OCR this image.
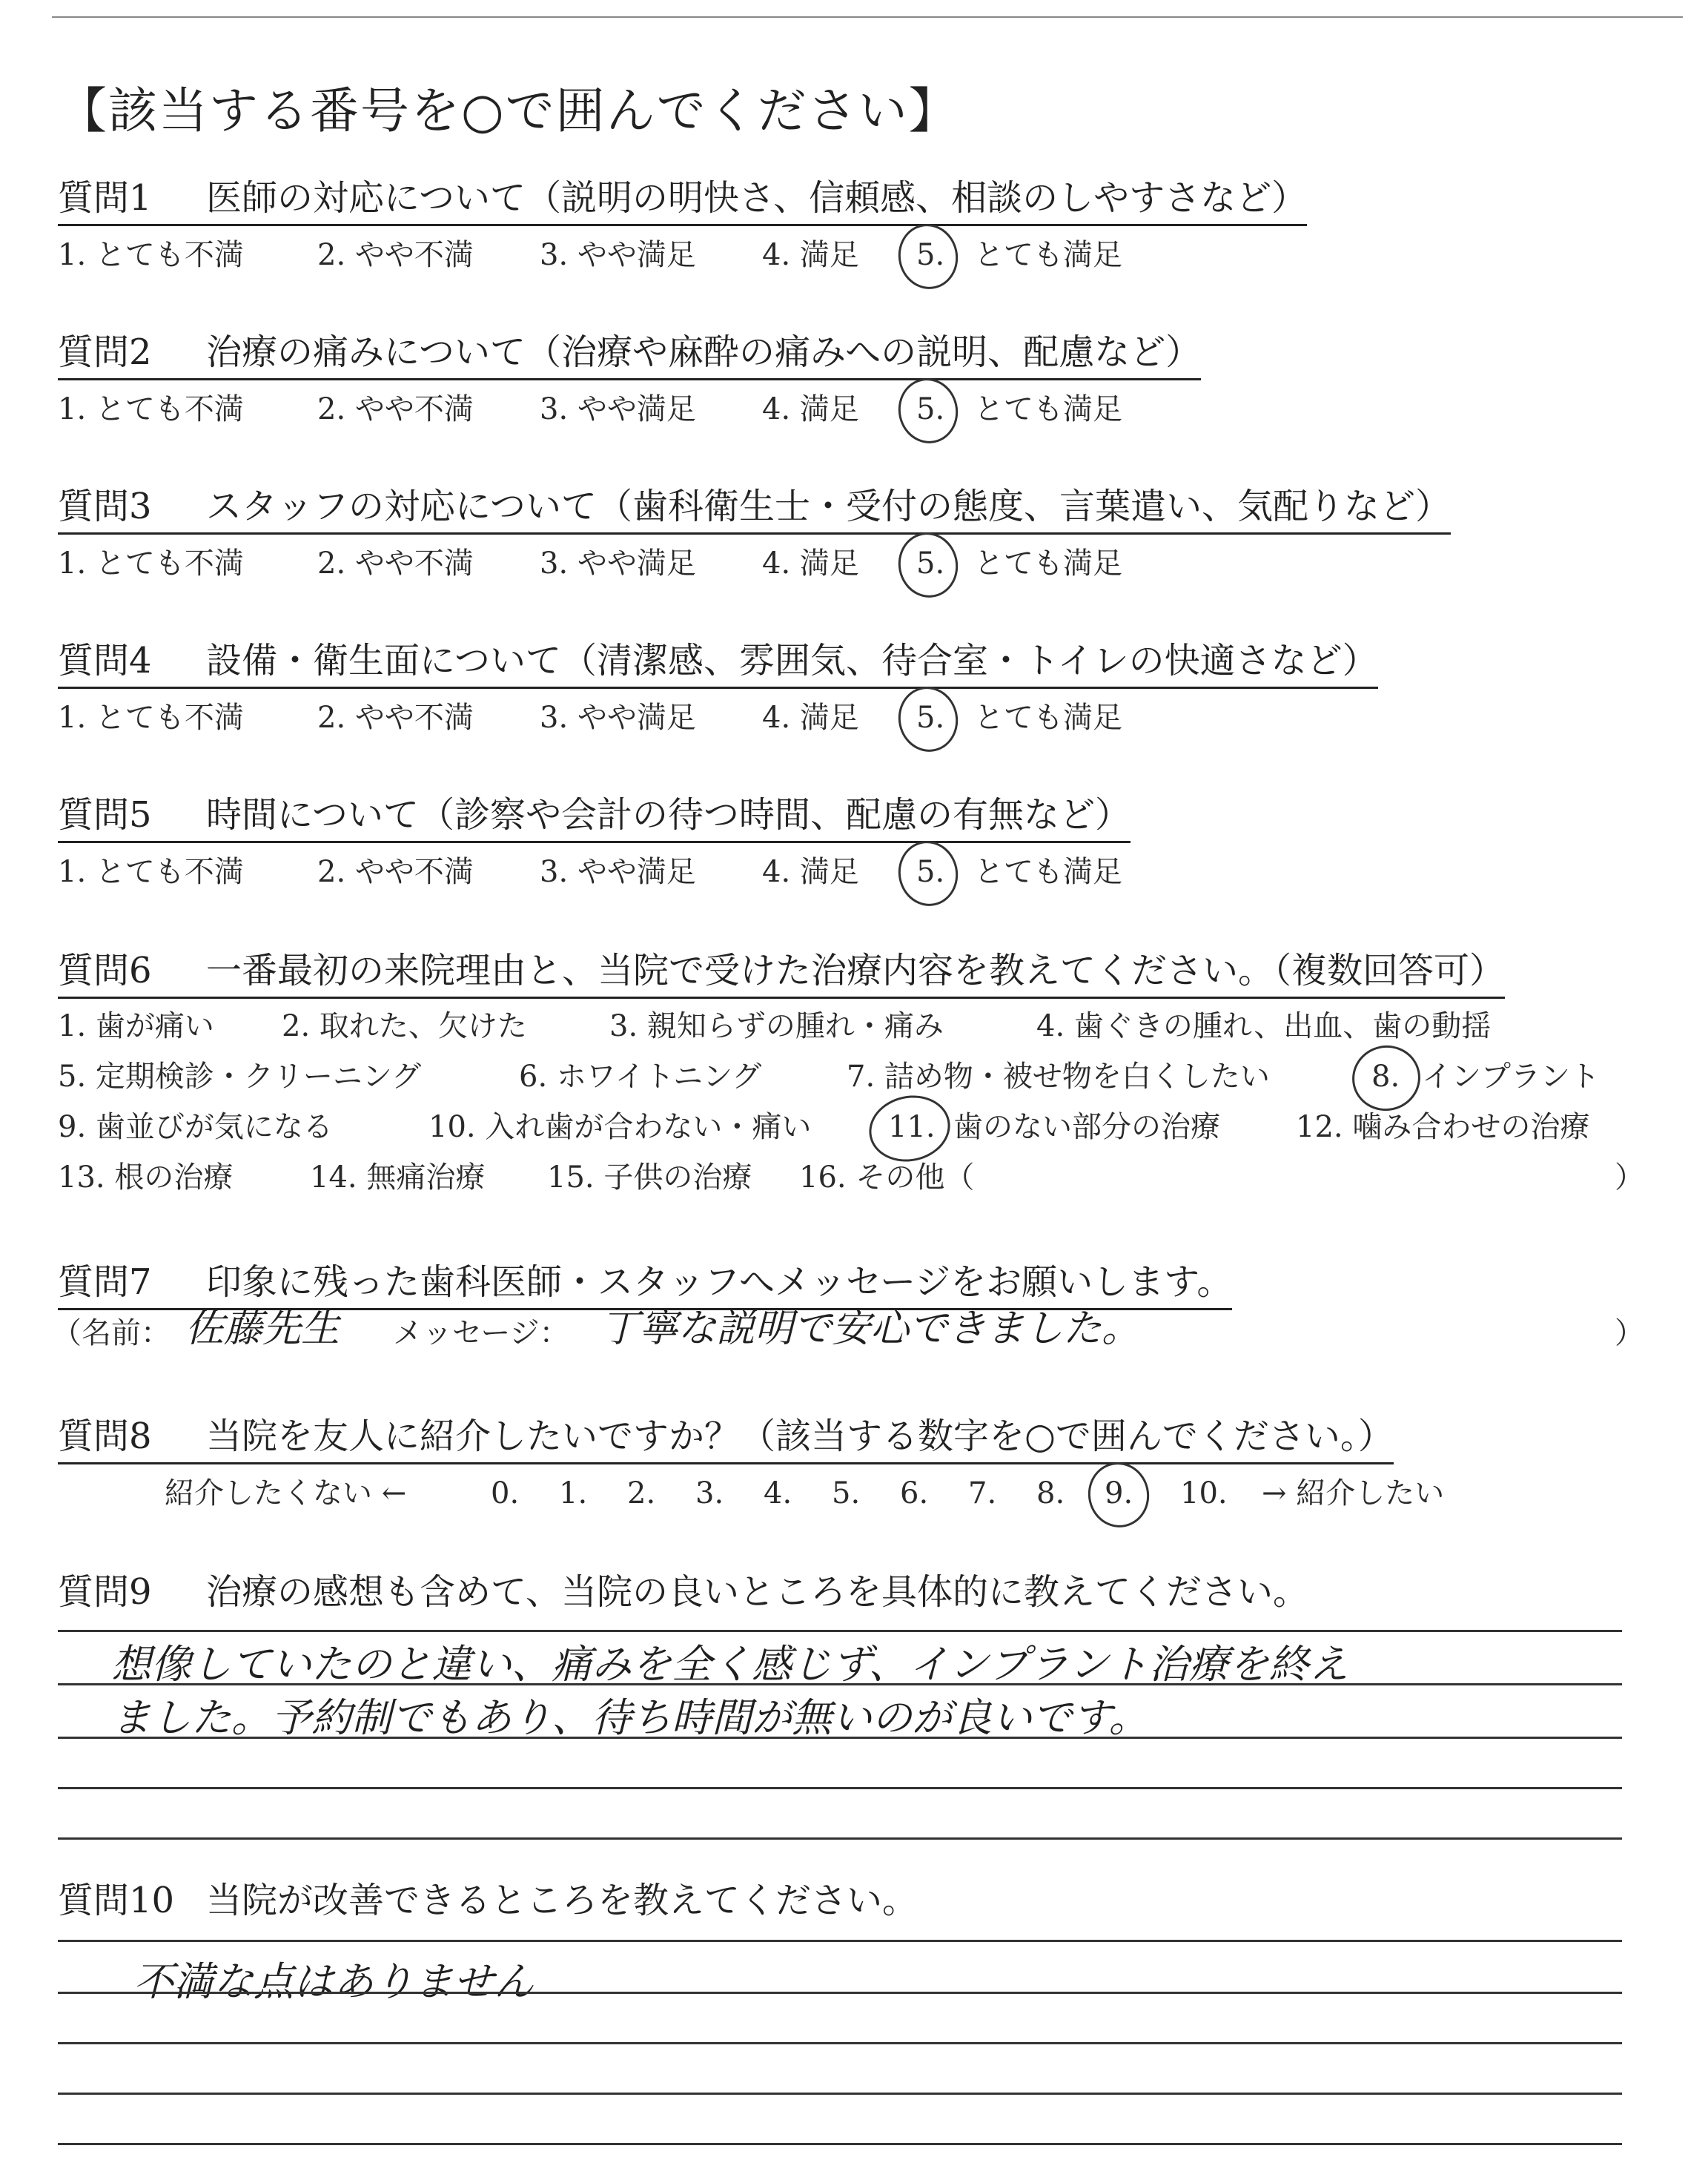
【該当する番号を○で囲んでください】
質問1 医師の対応について（説明の明快さ、信頼感、相談のしやすさなど）
1. とても不満 2. やや不満 3. やや満足 4. 満足 5. とても満足
質問2 治療の痛みについて（治療や麻酔の痛みへの説明、配慮など）
1. とても不満 2. やや不満 3. やや満足 4. 満足 5. とても満足
質問3 スタッフの対応について（歯科衛生士・受付の態度、言葉遣い、気配りなど）
1. とても不満 2. やや不満 3. やや満足 4. 満足 5. とても満足
質問4 設備・衛生面について（清潔感、雰囲気、待合室・トイレの快適さなど）
1. とても不満 2. やや不満 3. やや満足 4. 満足 5. とても満足
質問5 時間について（診察や会計の待つ時間、配慮の有無など）
1. とても不満 2. やや不満 3. やや満足 4. 満足 5. とても満足
質問6 一番最初の来院理由と、当院で受けた治療内容を教えてください。（複数回答可）
1. 歯が痛い 2. 取れた、欠けた	3. 親知らずの腫れ・痛み	4. 歯ぐきの腫れ、出血、歯の動揺
5. 定期検診・クリーニング	6. ホワイトニング	7. 詰め物・被せ物を白くしたい	8. インプラント
9. 歯並びが気になる	10. 入れ歯が合わない・痛い	11. 歯のない部分の治療	12. 噛み合わせの治療
13. 根の治療	14. 無痛治療 15. 子供の治療 16. その他（	）
質問7 印象に残った歯科医師・スタッフへメッセージをお願いします。
（名前： 佐藤先生 メッセージ： 丁寧な説明で安心できました。	）
質問8 当院を友人に紹介したいですか？（該当する数字を○で囲んでください。）
紹介したくない ←	0. 1. 2. 3. 4. 5. 6. 7. 8. 9. 10. → 紹介したい
質問9 治療の感想も含めて、当院の良いところを具体的に教えてください。
想像していたのと違い、痛みを全く感じず、インプラント治療を終え
ました。予約制でもあり、待ち時間が無いのが良いです。
質問10 当院が改善できるところを教えてください。
不満な点はありません
